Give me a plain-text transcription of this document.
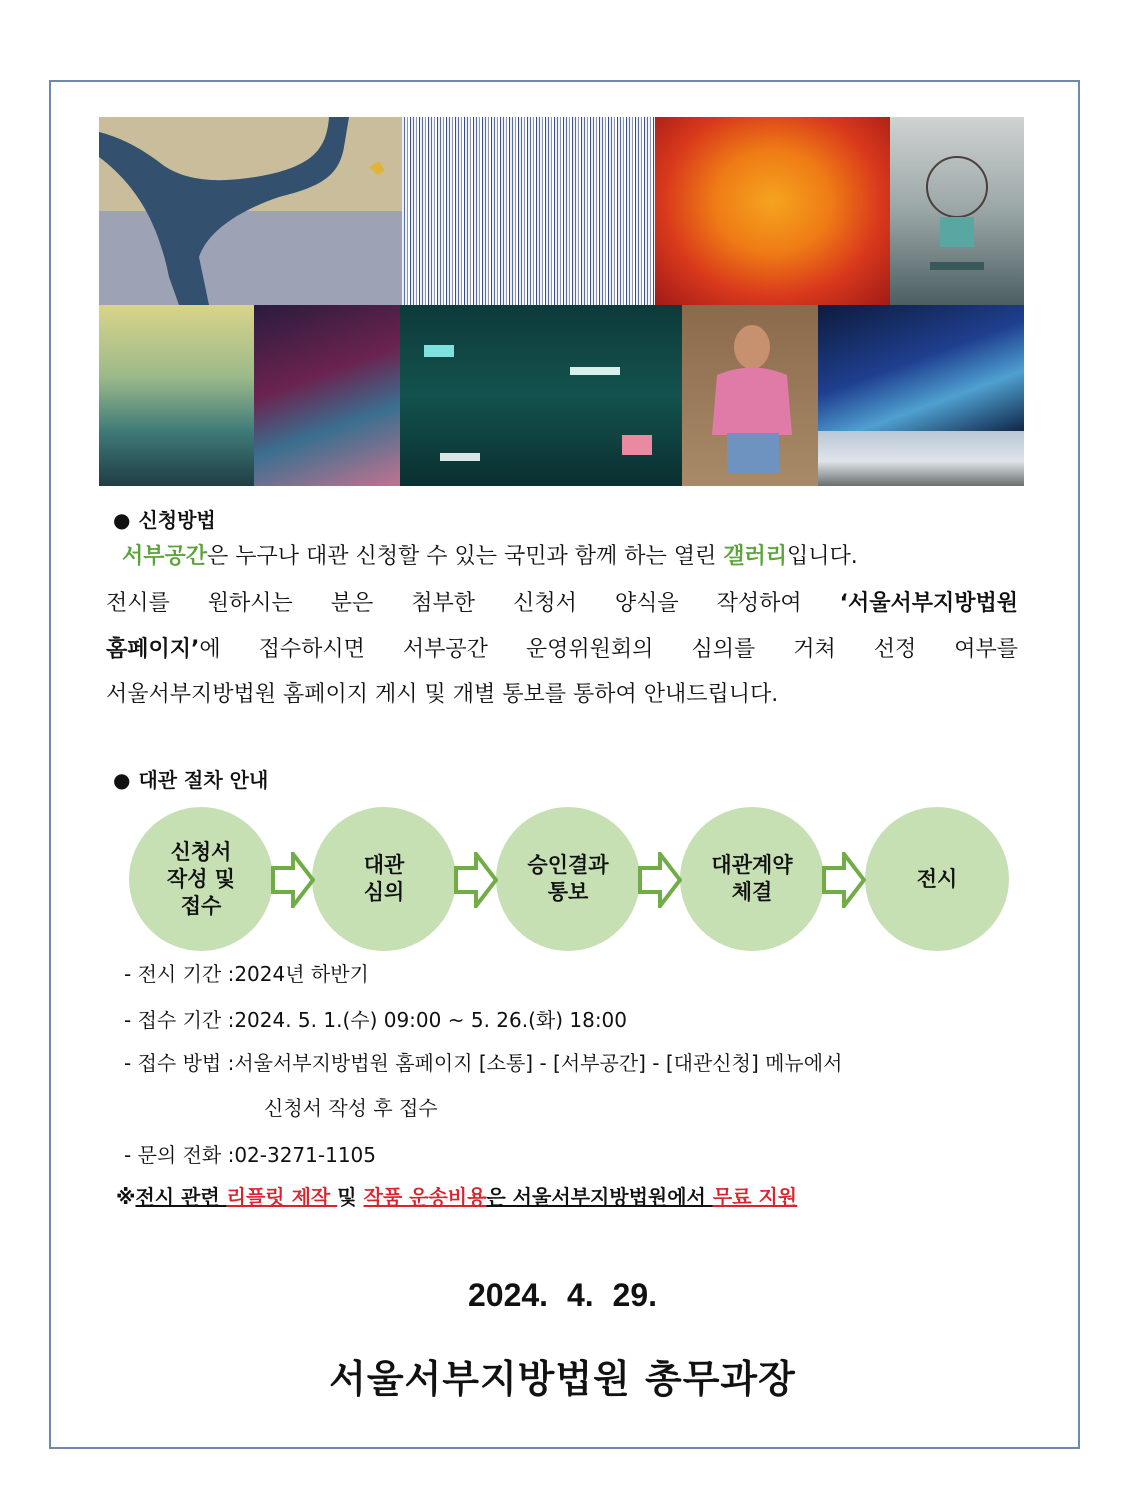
● 신청방법
서부공간은 누구나 대관 신청할 수 있는 국민과 함께 하는 열린 갤러리입니다.
전시를 원하시는 분은 첨부한 신청서 양식을 작성하여 ‘서울서부지방법원
홈페이지’에 접수하시면 서부공간 운영위원회의 심의를 거쳐 선정 여부를
서울서부지방법원 홈페이지 게시 및 개별 통보를 통하여 안내드립니다.
● 대관 절차 안내
신청서
작성 및
접수
대관
심의
승인결과
통보
대관계약
체결
전시
- 전시 기간 :2024년 하반기
- 접수 기간 :2024. 5. 1.(수) 09:00 ~ 5. 26.(화) 18:00
- 접수 방법 :서울서부지방법원 홈페이지 [소통] - [서부공간] - [대관신청] 메뉴에서
신청서 작성 후 접수
- 문의 전화 :02-3271-1105
※전시 관련 리플릿 제작 및 작품 운송비용은 서울서부지방법원에서 무료 지원
2024. 4. 29.
서울서부지방법원 총무과장
